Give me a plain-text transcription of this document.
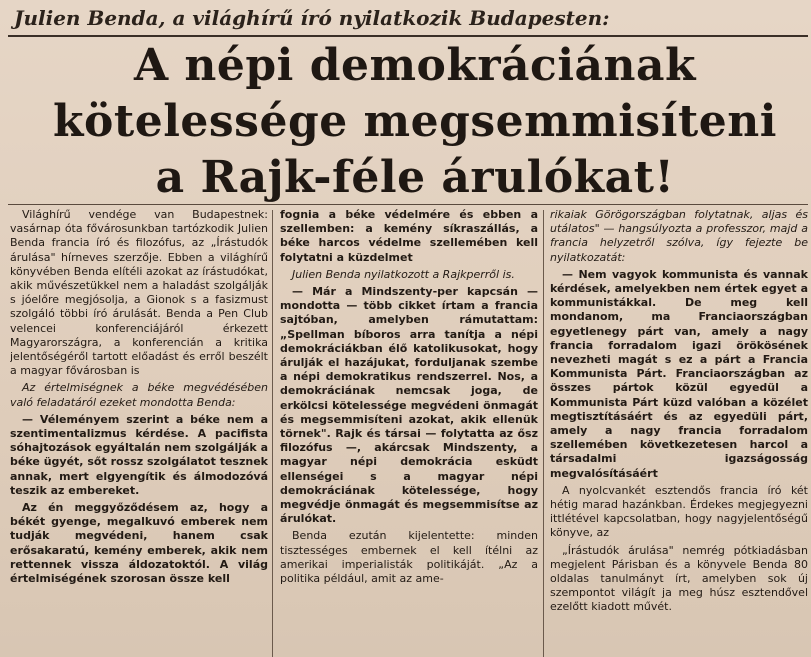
Julien Benda, a világhírű író nyilatkozik Budapesten:
A népi demokráciának
kötelessége megsemmisíteni
a Rajk-féle árulókat!

Világhírű vendége van Budapestnek: vasárnap óta fővárosunkban tartózkodik Julien Benda francia író és filozófus, az „Írástudók árulása" hírneves szerzője. Ebben a világhírű könyvében Benda elítéli azokat az írástudókat, akik művészetükkel nem a haladást szolgálják s jóelőre megjósolja, a Gionok s a fasizmust szolgáló többi író árulását. Benda a Pen Club velencei konferenciájáról érkezett Magyarországra, a konferencián a kritika jelentőségéről tartott előadást és erről beszélt a magyar fővárosban is

Az értelmiségnek a béke megvédésében való feladatáról ezeket mondotta Benda:

— Véleményem szerint a béke nem a szentimentalizmus kérdése. A pacifista sóhajtozások egyáltalán nem szolgálják a béke ügyét, sőt rossz szolgálatot tesznek annak, mert elgyengítik és álmodozóvá teszik az embereket.

Az én meggyőződésem az, hogy a békét gyenge, megalkuvó emberek nem tudják megvédeni, hanem csak erősakaratú, kemény emberek, akik nem rettennek vissza áldozatoktól. A világ értelmiségének szorosan össze kell

fognia a béke védelmére és ebben a szellemben: a kemény síkraszállás, a béke harcos védelme szellemében kell folytatni a küzdelmet

Julien Benda nyilatkozott a Rajkperről is.

— Már a Mindszenty-per kapcsán — mondotta — több cikket írtam a francia sajtóban, amelyben rámutattam: „Spellman bíboros arra tanítja a népi demokráciákban élő katolikusokat, hogy árulják el hazájukat, forduljanak szembe a népi demokratikus rendszerrel. Nos, a demokráciának nemcsak joga, de erkölcsi kötelessége megvédeni önmagát és megsemmisíteni azokat, akik ellenük törnek". Rajk és társai — folytatta az ősz filozófus —, akárcsak Mindszenty, a magyar népi demokrácia esküdt ellenségei s a magyar népi demokráciának kötelessége, hogy megvédje önmagát és megsemmisítse az árulókat.

Benda ezután kijelentette: minden tisztességes embernek el kell ítélni az amerikai imperialisták politikáját. „Az a politika például, amit az ame-

rikaiak Görögországban folytatnak, aljas és utálatos" — hangsúlyozta a professzor, majd a francia helyzetről szólva, így fejezte be nyilatkozatát:

— Nem vagyok kommunista és vannak kérdések, amelyekben nem értek egyet a kommunistákkal. De meg kell mondanom, ma Franciaországban egyetlenegy párt van, amely a nagy francia forradalom igazi örökösének nevezheti magát s ez a párt a Francia Kommunista Párt. Franciaországban az összes pártok közül egyedül a Kommunista Párt küzd valóban a közélet megtisztításáért és az egyedüli párt, amely a nagy francia forradalom szellemében következetesen harcol a társadalmi igazságosság megvalósításáért

A nyolcvankét esztendős francia író két hétig marad hazánkban. Érdekes megjegyezni ittlétével kapcsolatban, hogy nagyjelentőségű könyve, az

„Írástudók árulása" nemrég pótkiadásban megjelent Párisban és a könyvele Benda 80 oldalas tanulmányt írt, amelyben sok új szempontot világít ja meg húsz esztendővel ezelőtt kiadott művét.
